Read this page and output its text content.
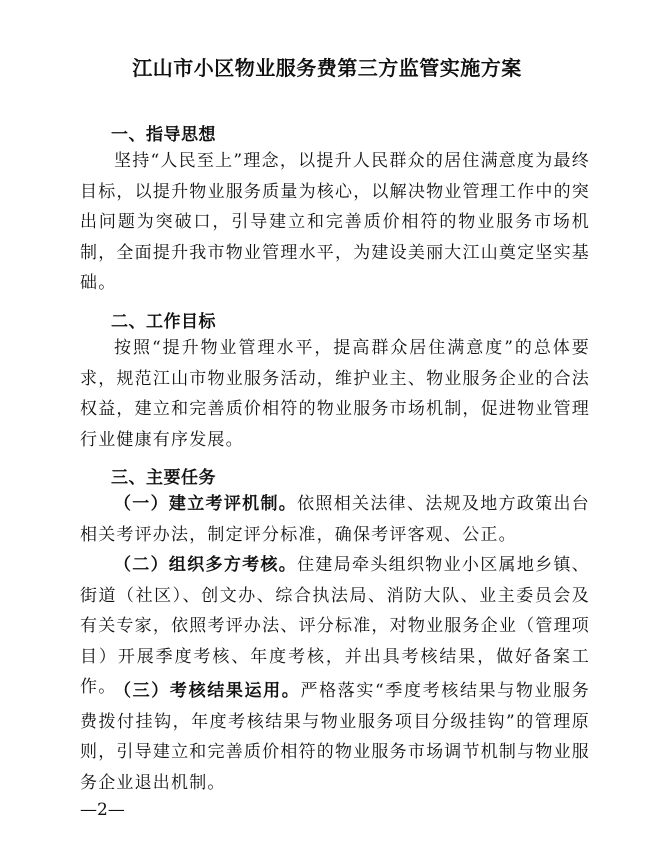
江山市小区物业服务费第三方监管实施方案
一、指导思想
坚持“人民至上”理念，以提升人民群众的居住满意度为最终目标，以提升物业服务质量为核心，以解决物业管理工作中的突出问题为突破口，引导建立和完善质价相符的物业服务市场机制，全面提升我市物业管理水平，为建设美丽大江山奠定坚实基础。
二、工作目标
按照“提升物业管理水平，提高群众居住满意度”的总体要求，规范江山市物业服务活动，维护业主、物业服务企业的合法权益，建立和完善质价相符的物业服务市场机制，促进物业管理行业健康有序发展。
三、主要任务
（一）建立考评机制。依照相关法律、法规及地方政策出台相关考评办法，制定评分标准，确保考评客观、公正。
（二）组织多方考核。住建局牵头组织物业小区属地乡镇、街道（社区）、创文办、综合执法局、消防大队、业主委员会及有关专家，依照考评办法、评分标准，对物业服务企业（管理项目）开展季度考核、年度考核，并出具考核结果，做好备案工作。
（三）考核结果运用。严格落实“季度考核结果与物业服务费拨付挂钩，年度考核结果与物业服务项目分级挂钩”的管理原则，引导建立和完善质价相符的物业服务市场调节机制与物业服务企业退出机制。
—2—
